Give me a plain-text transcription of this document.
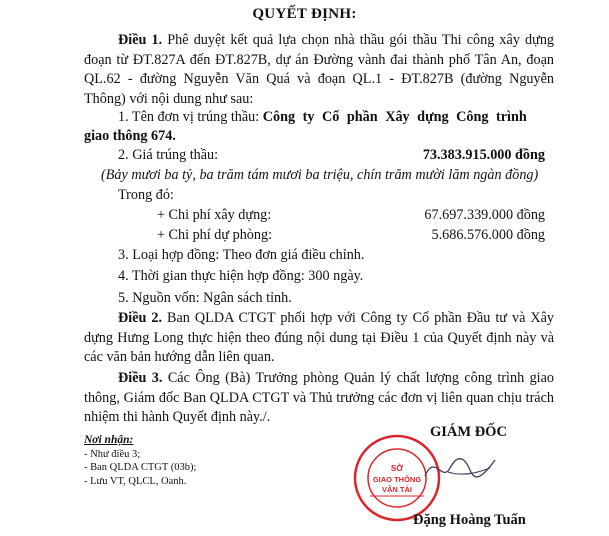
QUYẾT ĐỊNH:
Điều 1. Phê duyệt kết quả lựa chọn nhà thầu gói thầu Thi công xây dựng đoạn từ ĐT.827A đến ĐT.827B, dự án Đường vành đai thành phố Tân An, đoạn QL.62 - đường Nguyễn Văn Quá và đoạn QL.1 - ĐT.827B (đường Nguyễn Thông) với nội dung như sau:
1. Tên đơn vị trúng thầu: Công ty Cổ phần Xây dựng Công trình
giao thông 674.
2. Giá trúng thầu:	73.383.915.000 đồng
(Bảy mươi ba tỷ, ba trăm tám mươi ba triệu, chín trăm mười lăm ngàn đồng)
Trong đó:
+ Chi phí xây dựng:	67.697.339.000 đồng
+ Chi phí dự phòng:	5.686.576.000 đồng
3. Loại hợp đồng: Theo đơn giá điều chỉnh.
4. Thời gian thực hiện hợp đồng: 300 ngày.
5. Nguồn vốn: Ngân sách tỉnh.
Điều 2. Ban QLDA CTGT phối hợp với Công ty Cổ phần Đầu tư và Xây dựng Hưng Long thực hiện theo đúng nội dung tại Điều 1 của Quyết định này và các văn bản hướng dẫn liên quan.
Điều 3. Các Ông (Bà) Trưởng phòng Quản lý chất lượng công trình giao thông, Giám đốc Ban QLDA CTGT và Thủ trưởng các đơn vị liên quan chịu trách nhiệm thi hành Quyết định này./.
Nơi nhận:
- Như điều 3;
- Ban QLDA CTGT (03b);
- Lưu VT, QLCL, Oanh.
GIÁM ĐỐC
SỞ
GIAO THÔNG
VẬN TẢI
Đặng Hoàng Tuấn
